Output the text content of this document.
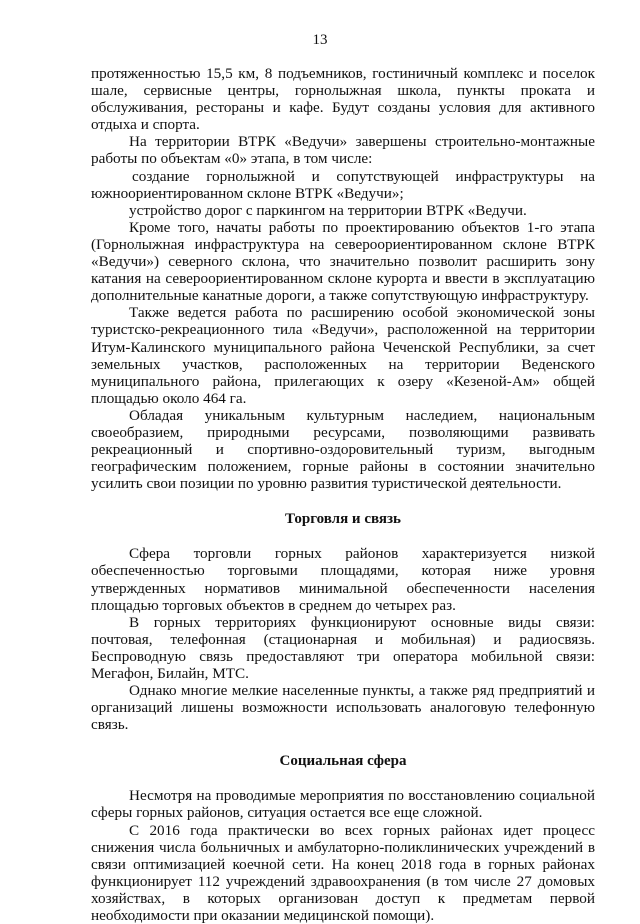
13

протяженностью 15,5 км, 8 подъемников, гостиничный комплекс и поселок шале, сервисные центры, горнолыжная школа, пункты проката и обслуживания, рестораны и кафе. Будут созданы условия для активного отдыха и спорта.

На территории ВТРК «Ведучи» завершены строительно-монтажные работы по объектам «0» этапа, в том числе:

создание горнолыжной и сопутствующей инфраструктуры на южноориентированном склоне ВТРК «Ведучи»;

устройство дорог с паркингом на территории ВТРК «Ведучи.

Кроме того, начаты работы по проектированию объектов 1-го этапа (Горнолыжная инфраструктура на североориентированном склоне ВТРК «Ведучи») северного склона, что значительно позволит расширить зону катания на североориентированном склоне курорта и ввести в эксплуатацию дополнительные канатные дороги, а также сопутствующую инфраструктуру.

Также ведется работа по расширению особой экономической зоны туристско-рекреационного тила «Ведучи», расположенной на территории Итум-Калинского муниципального района Чеченской Республики, за счет земельных участков, расположенных на территории Веденского муниципального района, прилегающих к озеру «Кезеной-Ам» общей площадью около 464 га.

Обладая уникальным культурным наследием, национальным своеобразием, природными ресурсами, позволяющими развивать рекреационный и спортивно-оздоровительный туризм, выгодным географическим положением, горные районы в состоянии значительно усилить свои позиции по уровню развития туристической деятельности.

Торговля и связь

Сфера торговли горных районов характеризуется низкой обеспеченностью торговыми площадями, которая ниже уровня утвержденных нормативов минимальной обеспеченности населения площадью торговых объектов в среднем до четырех раз.

В горных территориях функционируют основные виды связи: почтовая, телефонная (стационарная и мобильная) и радиосвязь. Беспроводную связь предоставляют три оператора мобильной связи: Мегафон, Билайн, МТС.

Однако многие мелкие населенные пункты, а также ряд предприятий и организаций лишены возможности использовать аналоговую телефонную связь.

Социальная сфера

Несмотря на проводимые мероприятия по восстановлению социальной сферы горных районов, ситуация остается все еще сложной.

С 2016 года практически во всех горных районах идет процесс снижения числа больничных и амбулаторно-поликлинических учреждений в связи оптимизацией коечной сети. На конец 2018 года в горных районах функционирует 112 учреждений здравоохранения (в том числе 27 домовых хозяйствах, в которых организован доступ к предметам первой необходимости при оказании медицинской помощи).
